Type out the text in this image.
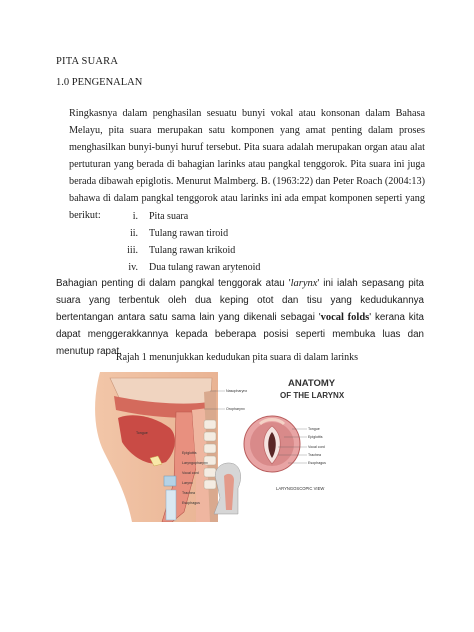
PITA SUARA
1.0 PENGENALAN
Ringkasnya dalam penghasilan sesuatu bunyi vokal atau konsonan dalam Bahasa Melayu, pita suara merupakan satu komponen yang amat penting dalam proses menghasilkan bunyi-bunyi huruf tersebut. Pita suara adalah merupakan organ atau alat pertuturan yang berada di bahagian larinks atau pangkal tenggorok. Pita suara ini juga berada dibawah epiglotis. Menurut Malmberg. B. (1963:22) dan Peter Roach (2004:13) bahawa di dalam pangkal tenggorok atau larinks ini ada empat komponen seperti yang berikut:	i.	Pita suara
ii.	Tulang rawan tiroid
iii.	Tulang rawan krikoid
iv.	Dua tulang rawan arytenoid
Bahagian penting di dalam pangkal tenggorak atau 'larynx' ini ialah sepasang pita suara yang terbentuk oleh dua keping otot dan tisu yang kedudukannya bertentangan antara satu sama lain yang dikenali sebagai 'vocal folds' kerana kita dapat menggerakkannya kepada beberapa posisi seperti membuka luas dan menutup rapat.
Rajah 1 menunjukkan kedudukan pita suara di dalam larinks
Nasopharynx
Oropharynx
Tongue
Epiglottis
Laryngopharynx
Vocal cord
Larynx
Trachea
Esophagus
ANATOMY
OF THE LARYNX
Tongue
Epiglottis
Vocal cord
Trachea
Esophagus
LARYNGOSCOPIC VIEW
